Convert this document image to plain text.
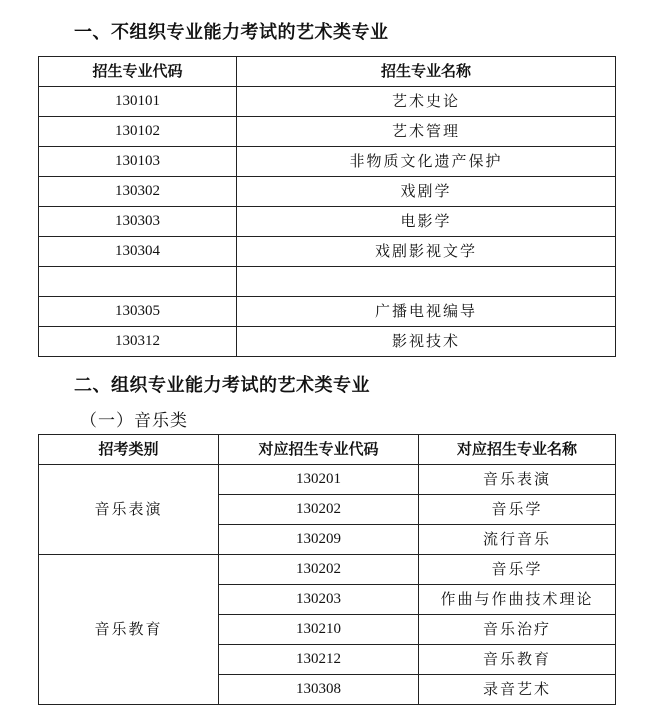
一、不组织专业能力考试的艺术类专业
招生专业代码	招生专业名称
130101	艺术史论
130102	艺术管理
130103	非物质文化遗产保护
130302	戏剧学
130303	电影学
130304	戏剧影视文学

130305	广播电视编导
130312	影视技术
二、组织专业能力考试的艺术类专业
（一）音乐类
招考类别	对应招生专业代码	对应招生专业名称
音乐表演	130201	音乐表演
	130202	音乐学
	130209	流行音乐
音乐教育	130202	音乐学
	130203	作曲与作曲技术理论
	130210	音乐治疗
	130212	音乐教育
	130308	录音艺术
